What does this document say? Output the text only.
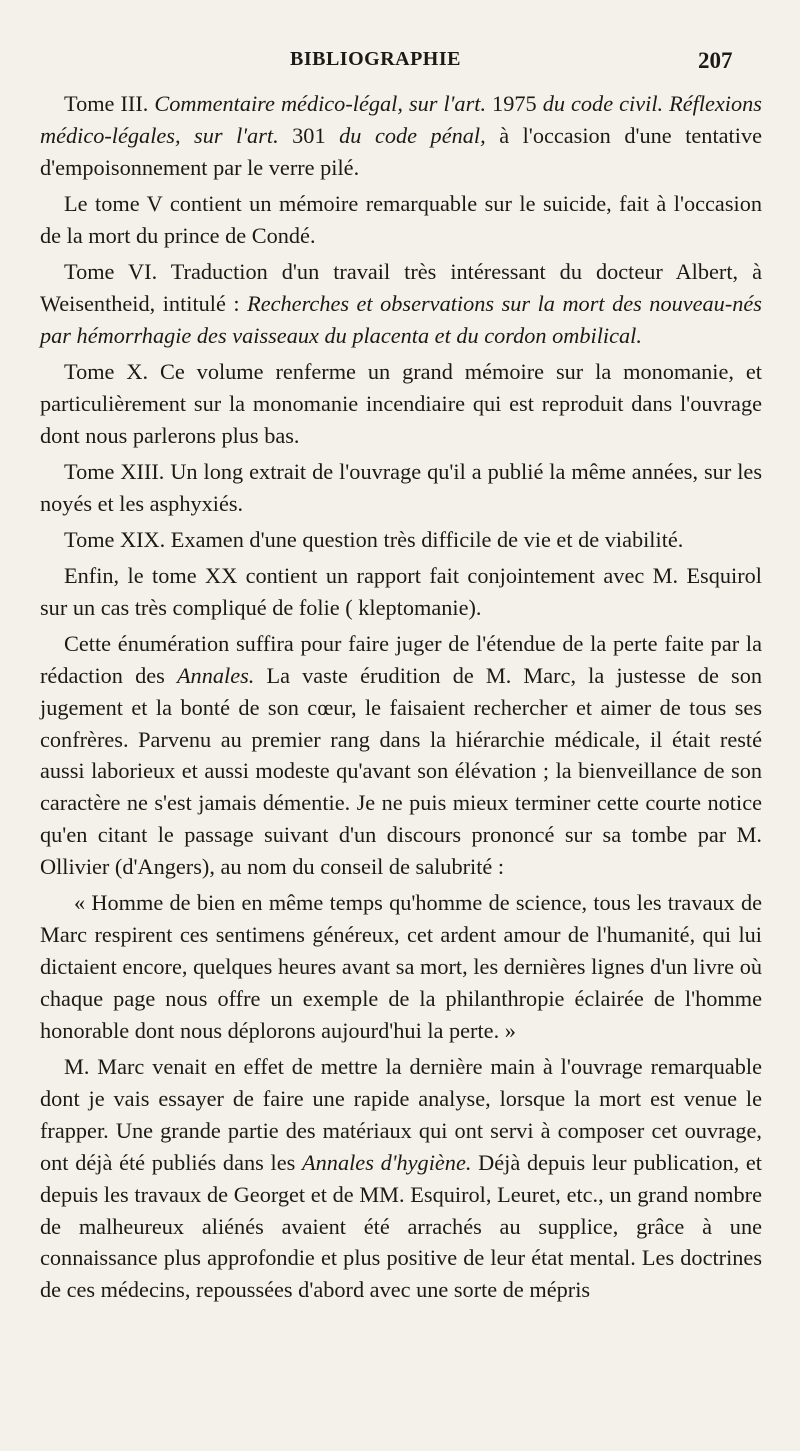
BIBLIOGRAPHIE	207

Tome III. Commentaire médico-légal, sur l'art. 1975 du code civil. Réflexions médico-légales, sur l'art. 301 du code pénal, à l'occasion d'une tentative d'empoisonnement par le verre pilé.

Le tome V contient un mémoire remarquable sur le suicide, fait à l'occasion de la mort du prince de Condé.

Tome VI. Traduction d'un travail très intéressant du docteur Albert, à Weisentheid, intitulé : Recherches et observations sur la mort des nouveau-nés par hémorrhagie des vaisseaux du placenta et du cordon ombilical.

Tome X. Ce volume renferme un grand mémoire sur la monomanie, et particulièrement sur la monomanie incendiaire qui est reproduit dans l'ouvrage dont nous parlerons plus bas.

Tome XIII. Un long extrait de l'ouvrage qu'il a publié la même années, sur les noyés et les asphyxiés.

Tome XIX. Examen d'une question très difficile de vie et de viabilité.

Enfin, le tome XX contient un rapport fait conjointement avec M. Esquirol sur un cas très compliqué de folie ( kleptomanie).

Cette énumération suffira pour faire juger de l'étendue de la perte faite par la rédaction des Annales. La vaste érudition de M. Marc, la justesse de son jugement et la bonté de son cœur, le faisaient rechercher et aimer de tous ses confrères. Parvenu au premier rang dans la hiérarchie médicale, il était resté aussi laborieux et aussi modeste qu'avant son élévation ; la bienveillance de son caractère ne s'est jamais démentie. Je ne puis mieux terminer cette courte notice qu'en citant le passage suivant d'un discours prononcé sur sa tombe par M. Ollivier (d'Angers), au nom du conseil de salubrité :

« Homme de bien en même temps qu'homme de science, tous les travaux de Marc respirent ces sentimens généreux, cet ardent amour de l'humanité, qui lui dictaient encore, quelques heures avant sa mort, les dernières lignes d'un livre où chaque page nous offre un exemple de la philanthropie éclairée de l'homme honorable dont nous déplorons aujourd'hui la perte. »

M. Marc venait en effet de mettre la dernière main à l'ouvrage remarquable dont je vais essayer de faire une rapide analyse, lorsque la mort est venue le frapper. Une grande partie des matériaux qui ont servi à composer cet ouvrage, ont déjà été publiés dans les Annales d'hygiène. Déjà depuis leur publication, et depuis les travaux de Georget et de MM. Esquirol, Leuret, etc., un grand nombre de malheureux aliénés avaient été arrachés au supplice, grâce à une connaissance plus approfondie et plus positive de leur état mental. Les doctrines de ces médecins, repoussées d'abord avec une sorte de mépris
